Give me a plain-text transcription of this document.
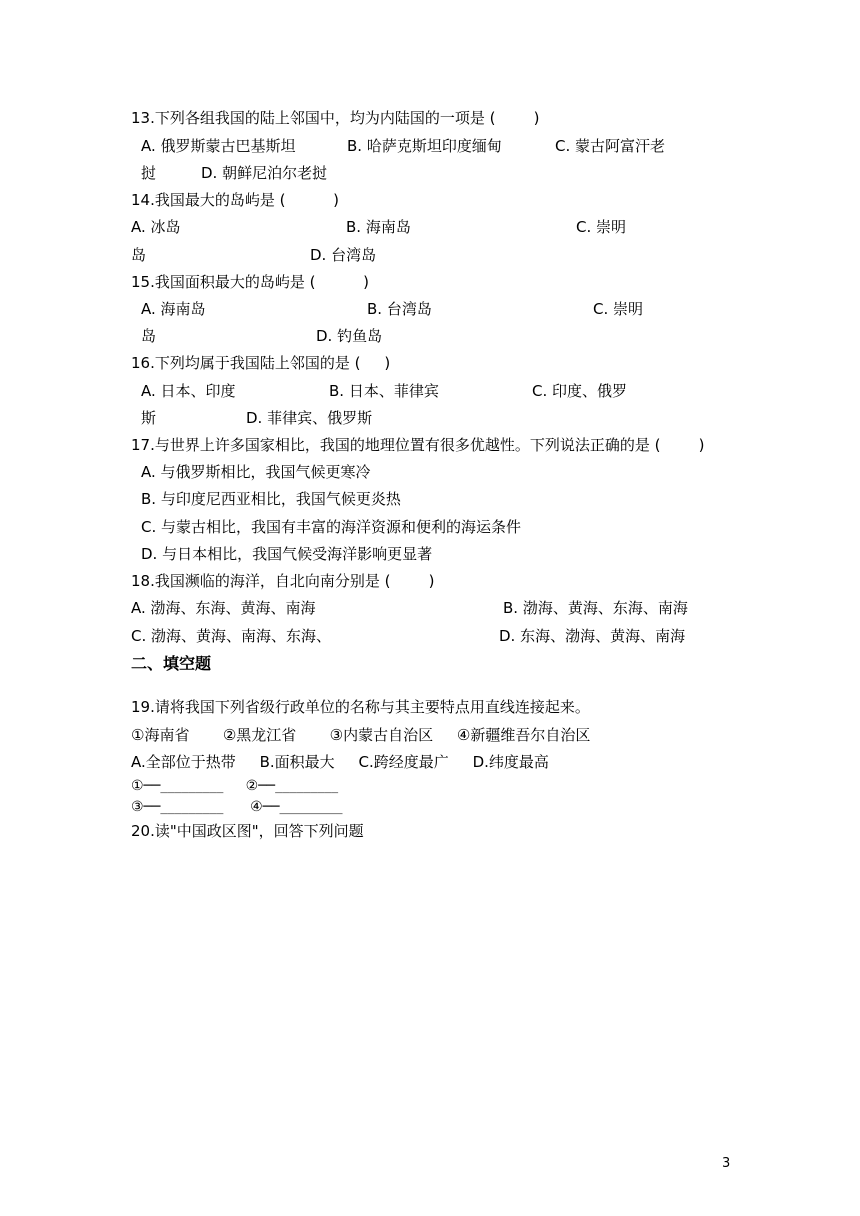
13.下列各组我国的陆上邻国中，均为内陆国的一项是 (        )
A. 俄罗斯蒙古巴基斯坦	B. 哈萨克斯坦印度缅甸	C. 蒙古阿富汗老
挝	D. 朝鲜尼泊尔老挝
14.我国最大的岛屿是 (          )
A. 冰岛	B. 海南岛	C. 崇明
岛	D. 台湾岛
15.我国面积最大的岛屿是 (          )
A. 海南岛	B. 台湾岛	C. 崇明
岛	D. 钓鱼岛
16.下列均属于我国陆上邻国的是 (     )
A. 日本、印度	B. 日本、菲律宾	C. 印度、俄罗
斯	D. 菲律宾、俄罗斯
17.与世界上许多国家相比，我国的地理位置有很多优越性。下列说法正确的是 (        )
A. 与俄罗斯相比，我国气候更寒冷
B. 与印度尼西亚相比，我国气候更炎热
C. 与蒙古相比，我国有丰富的海洋资源和便利的海运条件
D. 与日本相比，我国气候受海洋影响更显著
18.我国濒临的海洋，自北向南分别是 (        )
A. 渤海、东海、黄海、南海	B. 渤海、黄海、东海、南海
C. 渤海、黄海、南海、东海、	D. 东海、渤海、黄海、南海
二、填空题
19.请将我国下列省级行政单位的名称与其主要特点用直线连接起来。
①海南省       ②黑龙江省       ③内蒙古自治区     ④新疆维吾尔自治区
A.全部位于热带     B.面积最大     C.跨经度最广     D.纬度最高
①──_________     ②──_________
③──_________      ④──_________
20.读"中国政区图"，回答下列问题
3
